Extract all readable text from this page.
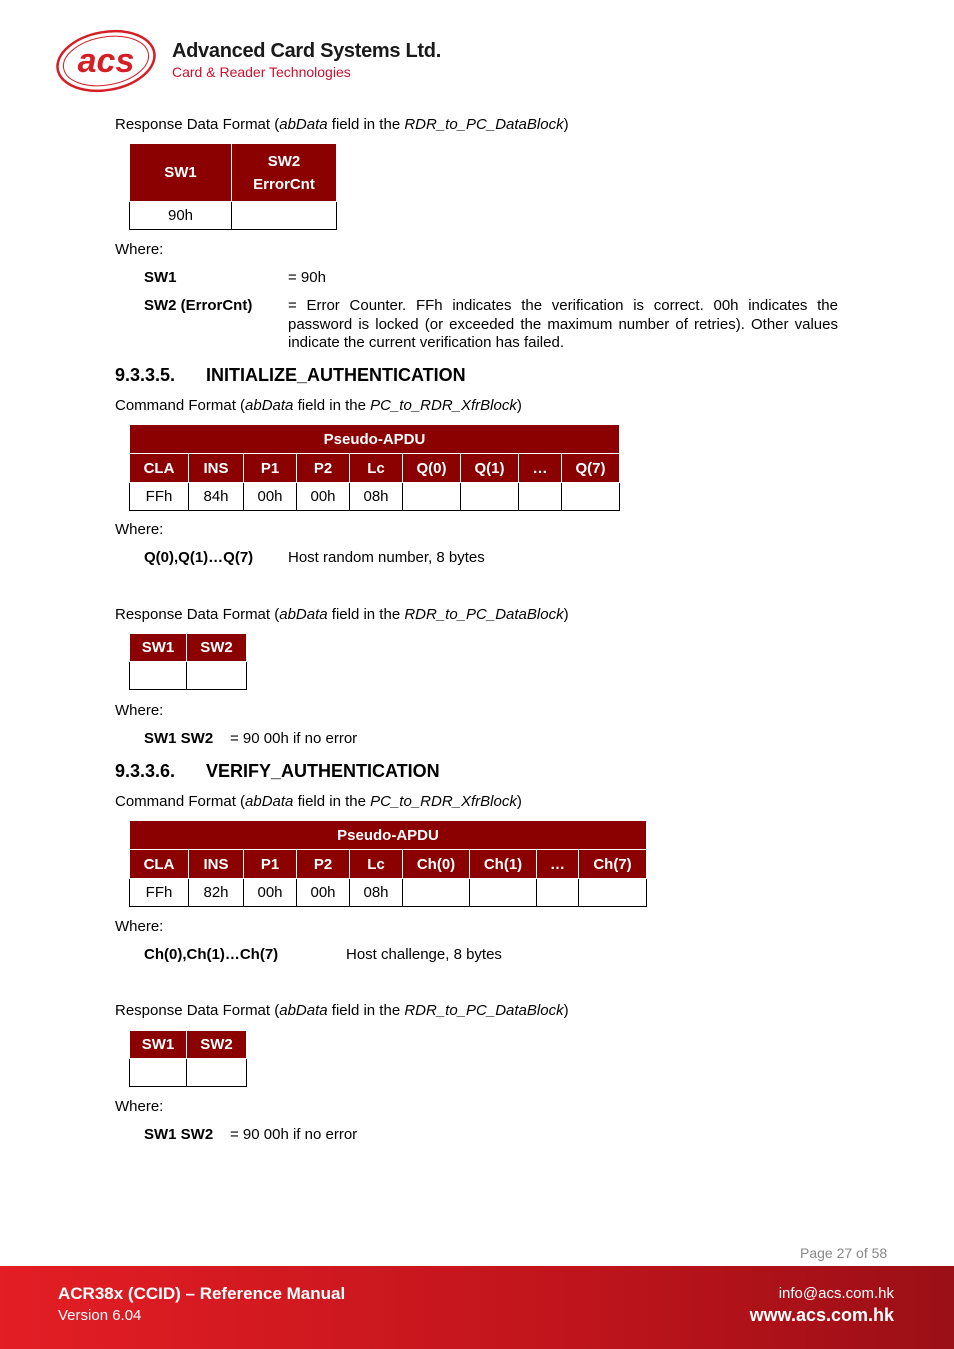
acs Advanced Card Systems Ltd.
Card & Reader Technologies

Response Data Format (abData field in the RDR_to_PC_DataBlock)

SW1	SW2
ErrorCnt
90h	

Where:

SW1	= 90h
SW2 (ErrorCnt) = Error Counter. FFh indicates the verification is correct. 00h indicates the password is locked (or exceeded the maximum number of retries). Other values indicate the current verification has failed.
9.3.3.5. INITIALIZE_AUTHENTICATION

Command Format (abData field in the PC_to_RDR_XfrBlock)

Pseudo-APDU								
CLA	INS	P1	P2	Lc	Q(0)	Q(1)	…	Q(7)
FFh	84h	00h	00h	08h				

Where:

Q(0),Q(1)…Q(7) Host random number, 8 bytes

Response Data Format (abData field in the RDR_to_PC_DataBlock)

SW1	SW2

Where:

SW1 SW2 = 90 00h if no error
9.3.3.6. VERIFY_AUTHENTICATION

Command Format (abData field in the PC_to_RDR_XfrBlock)

Pseudo-APDU								
CLA	INS	P1	P2	Lc	Ch(0)	Ch(1)	…	Ch(7)
FFh	82h	00h	00h	08h				

Where:

Ch(0),Ch(1)…Ch(7)	Host challenge, 8 bytes

Response Data Format (abData field in the RDR_to_PC_DataBlock)

SW1	SW2

Where:

SW1 SW2 = 90 00h if no error
Page 27 of 58
ACR38x (CCID) – Reference Manual
Version 6.04
info@acs.com.hk
www.acs.com.hk
